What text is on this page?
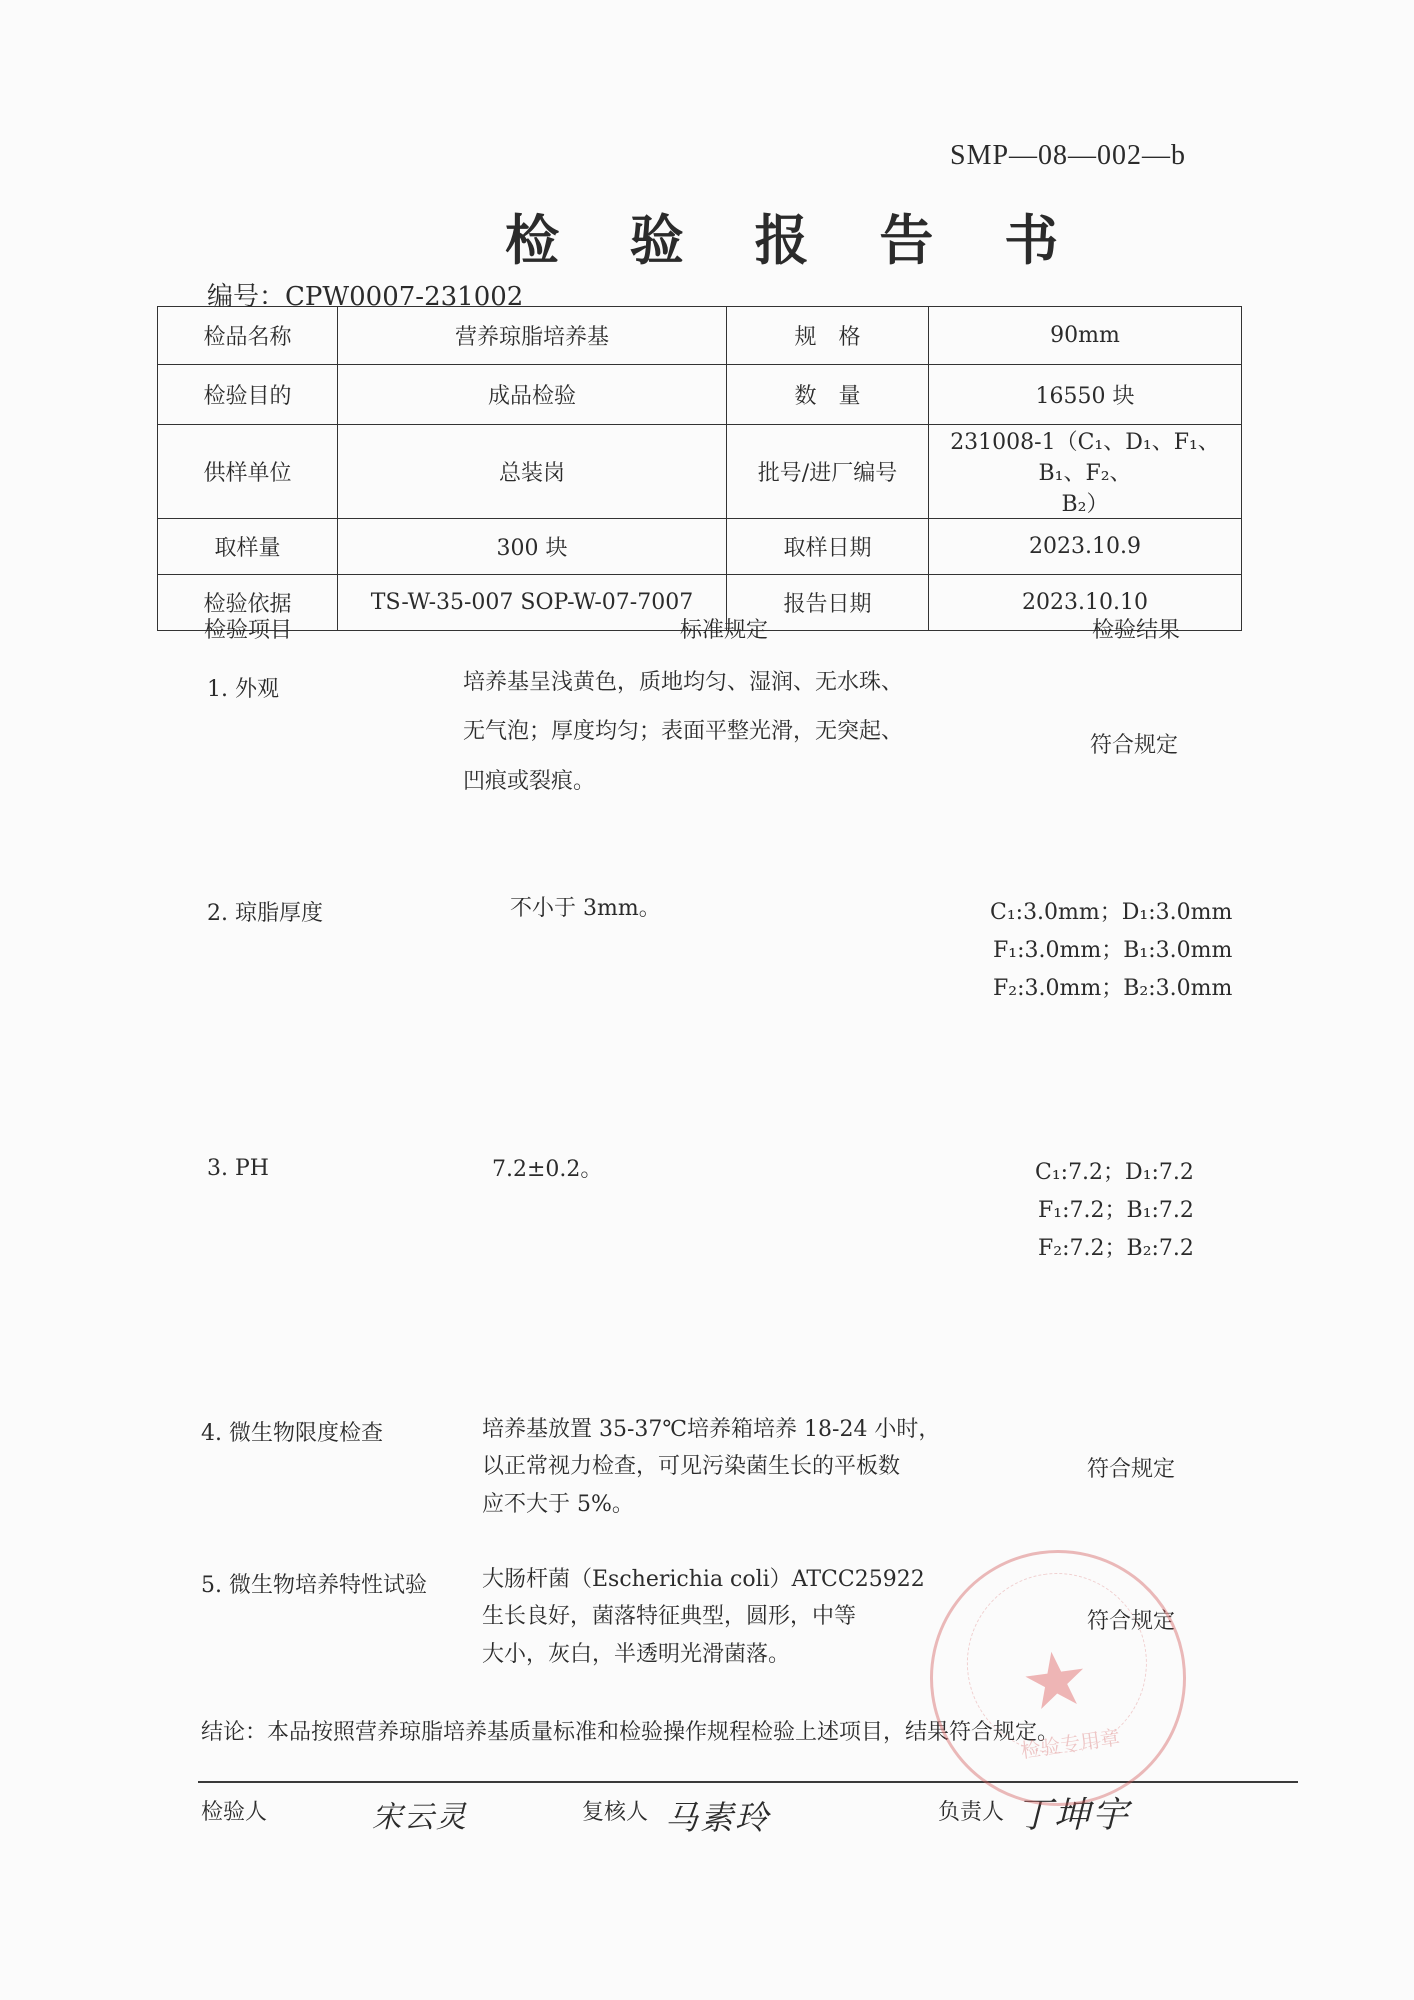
SMP—08—002—b
检 验 报 告 书
编号：CPW0007-231002
检品名称	营养琼脂培养基	规　格	90mm
检验目的	成品检验	数　量	16550 块
供样单位	总装岗	批号/进厂编号	231008-1（C₁、D₁、F₁、B₁、F₂、
B₂）

取样量	300 块	取样日期	2023.10.9
检验依据	TS-W-35-007 SOP-W-07-7007	报告日期	2023.10.10
检验项目	标准规定	检验结果
1. 外观	培养基呈浅黄色，质地均匀、湿润、无水珠、
无气泡；厚度均匀；表面平整光滑，无突起、
凹痕或裂痕。
符合规定
2. 琼脂厚度	不小于 3mm。	C₁:3.0mm；D₁:3.0mm
F₁:3.0mm；B₁:3.0mm
F₂:3.0mm；B₂:3.0mm
3. PH	7.2±0.2。	C₁:7.2；D₁:7.2
F₁:7.2；B₁:7.2
F₂:7.2；B₂:7.2
4. 微生物限度检查	培养基放置 35-37℃培养箱培养 18-24 小时，
以正常视力检查，可见污染菌生长的平板数
应不大于 5%。
符合规定
5. 微生物培养特性试验	大肠杆菌（Escherichia coli）ATCC25922
生长良好，菌落特征典型，圆形，中等
大小，灰白，半透明光滑菌落。
符合规定
结论：本品按照营养琼脂培养基质量标准和检验操作规程检验上述项目，结果符合规定。
检验人	宋云灵	复核人 马素玲	负责人 丁坤宇
★
检验专用章
